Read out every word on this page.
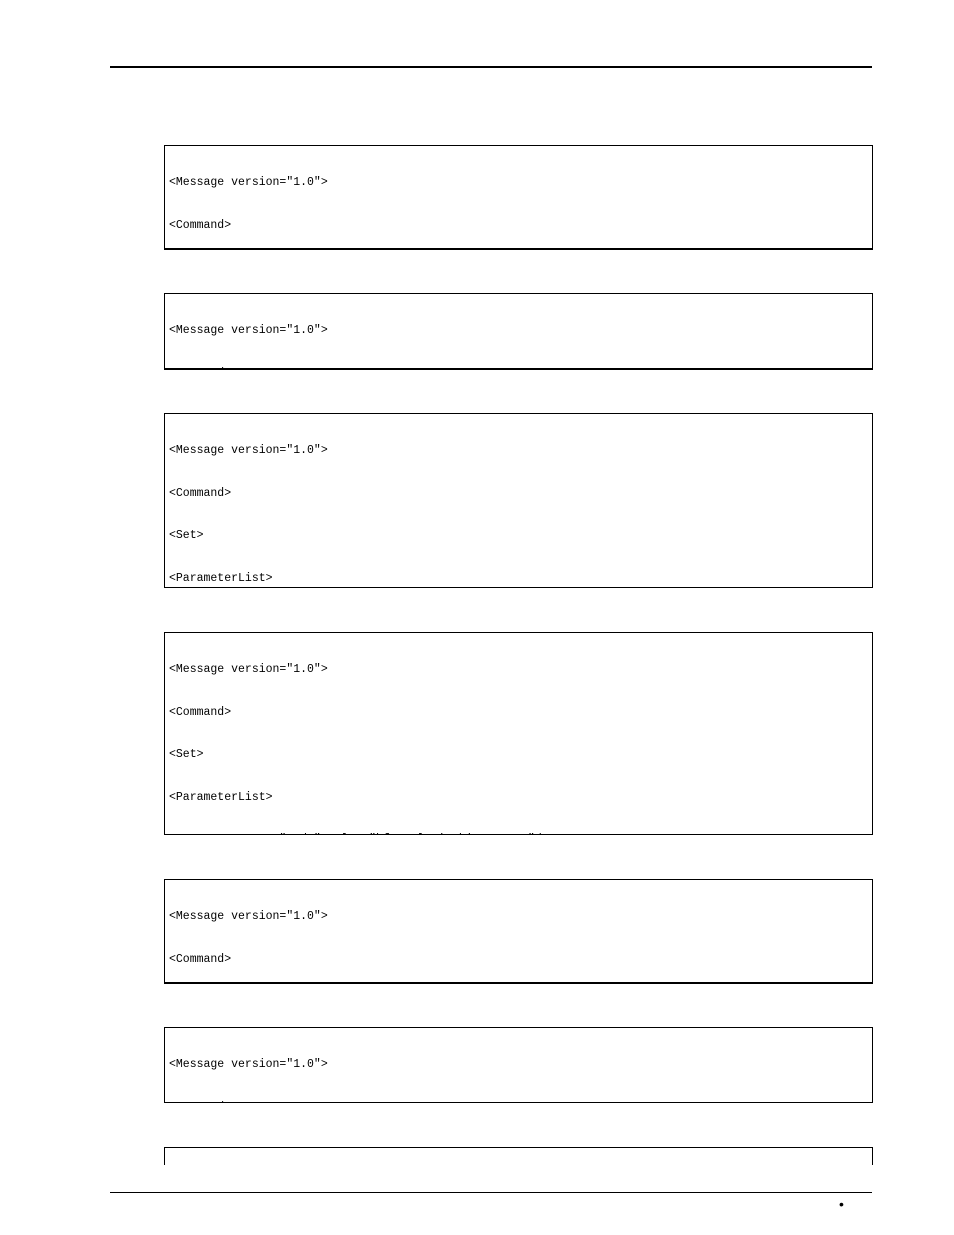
<Message version="1.0">

<Command>

<Message version="1.0">

<Message version="1.0">

<Command>

<Set>

<ParameterList>

<Message version="1.0">

<Command>

<Set>

<ParameterList>

<Message version="1.0">

<Command>

<Message version="1.0">

•
